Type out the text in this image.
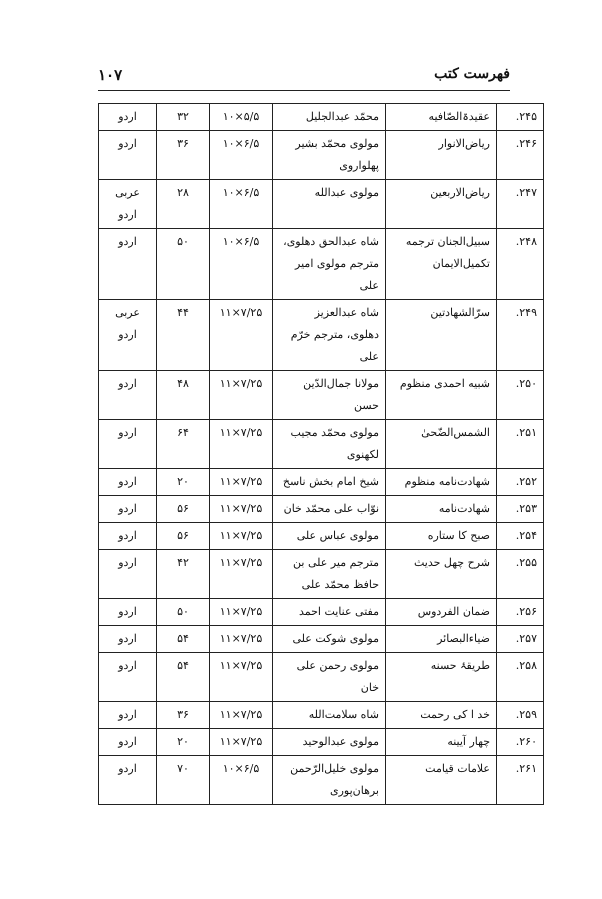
۱۰۷	فهرست کتب
۲۴۵.	عقیدۃالصّافیه	محمّد عبدالجلیل	۱۰×۵/۵	۳۲	اردو
۲۴۶.	ریاض‌الانوار	مولوی محمّد بشیر پهلواروی	۱۰×۶/۵	۳۶	اردو
۲۴۷.	ریاض‌الاربعین	مولوی عبدالله	۱۰×۶/۵	۲۸	عربی اردو
۲۴۸.	سبیل‌الجنان ترجمه تکمیل‌الایمان	شاه عبدالحق دهلوی، مترجم مولوی امیر علی	۱۰×۶/۵	۵۰	اردو
۲۴۹.	سرّالشهادتین	شاه عبدالعزیز دهلوی، مترجم خرّم علی	۱۱×۷/۲۵	۴۴	عربی اردو
۲۵۰.	شبیه احمدی منظوم	مولانا جمال‌الدّین حسن	۱۱×۷/۲۵	۴۸	اردو
۲۵۱.	الشمس‌الضّحیٰ	مولوی محمّد مجیب لکهنوی	۱۱×۷/۲۵	۶۴	اردو
۲۵۲.	شهادت‌نامه منظوم	شیخ امام بخش ناسخ	۱۱×۷/۲۵	۲۰	اردو
۲۵۳.	شهادت‌نامه	نوّاب علی محمّد خان	۱۱×۷/۲۵	۵۶	اردو
۲۵۴.	صبح کا ستاره	مولوی عباس علی	۱۱×۷/۲۵	۵۶	اردو
۲۵۵.	شرح چهل حدیث	مترجم میر علی بن حافظ محمّد علی	۱۱×۷/۲۵	۴۲	اردو
۲۵۶.	ضمان الفردوس	مفتی عنایت احمد	۱۱×۷/۲۵	۵۰	اردو
۲۵۷.	ضیاءالبصائر	مولوی شوکت علی	۱۱×۷/۲۵	۵۴	اردو
۲۵۸.	طریقۂ حسنه	مولوی رحمن علی خان	۱۱×۷/۲۵	۵۴	اردو
۲۵۹.	خد ا کی رحمت	شاه سلامت‌الله	۱۱×۷/۲۵	۳۶	اردو
۲۶۰.	چهار آیینه	مولوی عبدالوحید	۱۱×۷/۲۵	۲۰	اردو
۲۶۱.	علامات قیامت	مولوی خلیل‌الرّحمن برهان‌پوری	۱۰×۶/۵	۷۰	اردو
